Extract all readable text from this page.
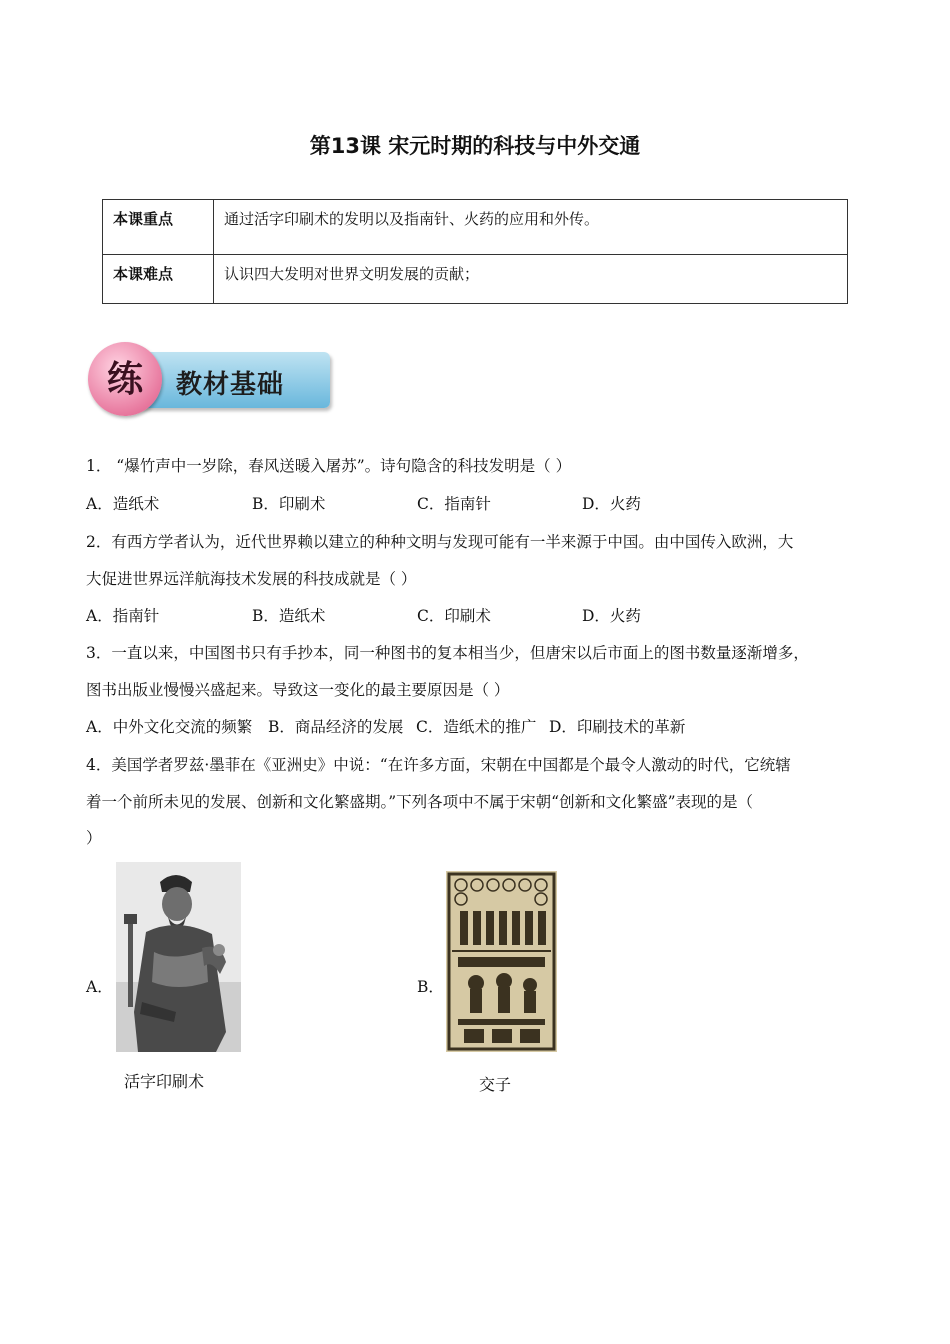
第13课 宋元时期的科技与中外交通
本课重点	通过活字印刷术的发明以及指南针、火药的应用和外传。
本课难点	认识四大发明对世界文明发展的贡献；
练	教材基础
1． “爆竹声中一岁除，春风送暖入屠苏”。诗句隐含的科技发明是（ ）
A．造纸术	B．印刷术	C．指南针	D．火药
2．有西方学者认为，近代世界赖以建立的种种文明与发现可能有一半来源于中国。由中国传入欧洲，大
大促进世界远洋航海技术发展的科技成就是（ ）
A．指南针	B．造纸术	C．印刷术	D．火药
3．一直以来，中国图书只有手抄本，同一种图书的复本相当少，但唐宋以后市面上的图书数量逐渐增多，
图书出版业慢慢兴盛起来。导致这一变化的最主要原因是（ ）
A．中外文化交流的频繁 B．商品经济的发展 C．造纸术的推广 D．印刷技术的革新
4．美国学者罗兹·墨菲在《亚洲史》中说：“在许多方面，宋朝在中国都是个最令人激动的时代，它统辖
着一个前所未见的发展、创新和文化繁盛期。”下列各项中不属于宋朝“创新和文化繁盛”表现的是（
）
A．
活字印刷术
B．
交子
